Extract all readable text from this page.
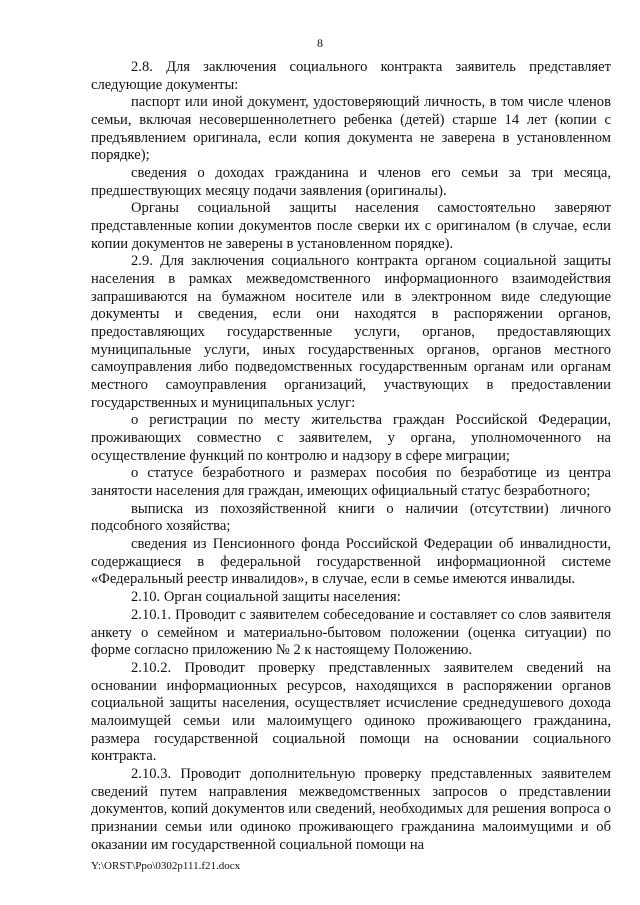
8

2.8. Для заключения социального контракта заявитель представляет следующие документы:

паспорт или иной документ, удостоверяющий личность, в том числе членов семьи, включая несовершеннолетнего ребенка (детей) старше 14 лет (копии с предъявлением оригинала, если копия документа не заверена в установленном порядке);

сведения о доходах гражданина и членов его семьи за три месяца, предшествующих месяцу подачи заявления (оригиналы).

Органы социальной защиты населения самостоятельно заверяют представленные копии документов после сверки их с оригиналом (в случае, если копии документов не заверены в установленном порядке).

2.9. Для заключения социального контракта органом социальной защиты населения в рамках межведомственного информационного взаимодействия запрашиваются на бумажном носителе или в электронном виде следующие документы и сведения, если они находятся в распоряжении органов, предоставляющих государственные услуги, органов, предоставляющих муниципальные услуги, иных государственных органов, органов местного самоуправления либо подведомственных государственным органам или органам местного самоуправления организаций, участвующих в предоставлении государственных и муниципальных услуг:

о регистрации по месту жительства граждан Российской Федерации, проживающих совместно с заявителем, у органа, уполномоченного на осуществление функций по контролю и надзору в сфере миграции;

о статусе безработного и размерах пособия по безработице из центра занятости населения для граждан, имеющих официальный статус безработного;

выписка из похозяйственной книги о наличии (отсутствии) личного подсобного хозяйства;

сведения из Пенсионного фонда Российской Федерации об инвалидности, содержащиеся в федеральной государственной информационной системе «Федеральный реестр инвалидов», в случае, если в семье имеются инвалиды.

2.10. Орган социальной защиты населения:

2.10.1. Проводит с заявителем собеседование и составляет со слов заявителя анкету о семейном и материально-бытовом положении (оценка ситуации) по форме согласно приложению № 2 к настоящему Положению.

2.10.2. Проводит проверку представленных заявителем сведений на основании информационных ресурсов, находящихся в распоряжении органов социальной защиты населения, осуществляет исчисление среднедушевого дохода малоимущей семьи или малоимущего одиноко проживающего гражданина, размера государственной социальной помощи на основании социального контракта.

2.10.3. Проводит дополнительную проверку представленных заявителем сведений путем направления межведомственных запросов о представлении документов, копий документов или сведений, необходимых для решения вопроса о признании семьи или одиноко проживающего гражданина малоимущими и об оказании им государственной социальной помощи на

Y:\ORST\Ppo\0302p111.f21.docx
